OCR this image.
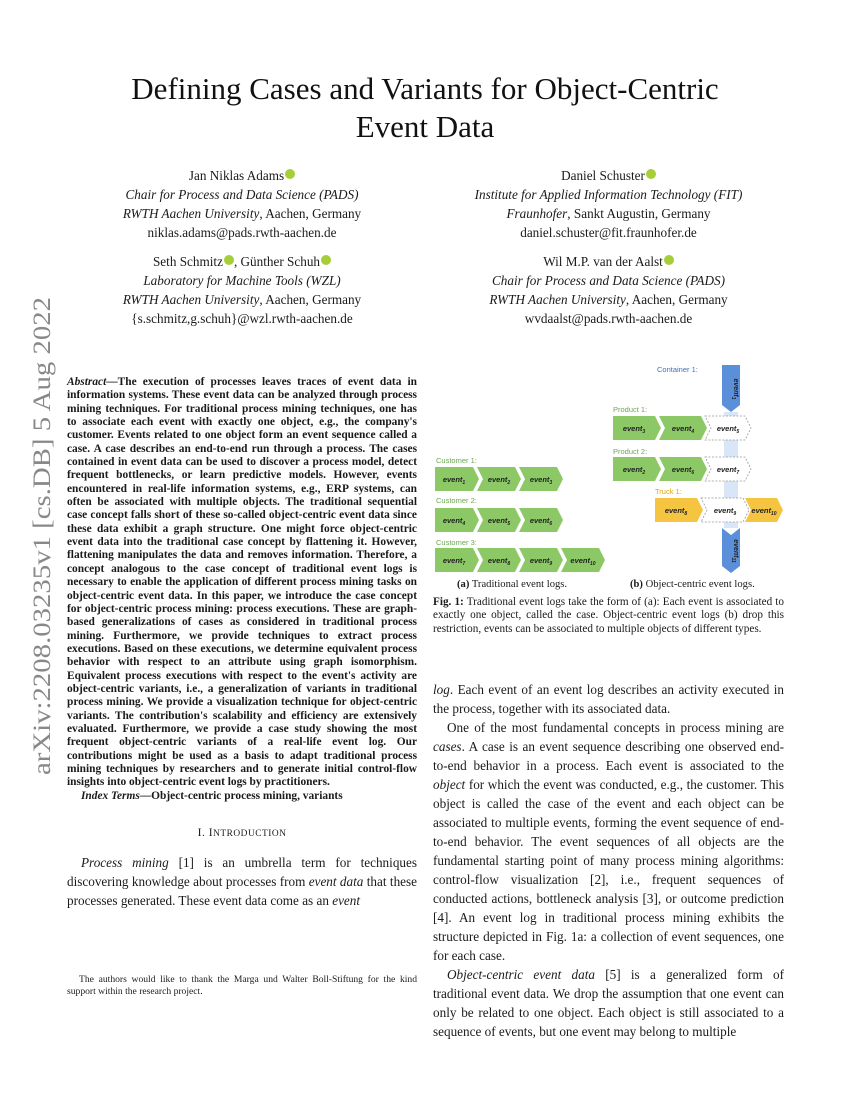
arXiv:2208.03235v1 [cs.DB] 5 Aug 2022
Defining Cases and Variants for Object-Centric
Event Data
Jan Niklas Adams
Chair for Process and Data Science (PADS)
RWTH Aachen University, Aachen, Germany
niklas.adams@pads.rwth-aachen.de
Daniel Schuster
Institute for Applied Information Technology (FIT)
Fraunhofer, Sankt Augustin, Germany
daniel.schuster@fit.fraunhofer.de
Seth Schmitz , Günther Schuh
Laboratory for Machine Tools (WZL)
RWTH Aachen University, Aachen, Germany
{s.schmitz,g.schuh}@wzl.rwth-aachen.de
Wil M.P. van der Aalst
Chair for Process and Data Science (PADS)
RWTH Aachen University, Aachen, Germany
wvdaalst@pads.rwth-aachen.de

Abstract—The execution of processes leaves traces of event data in information systems. These event data can be analyzed through process mining techniques. For traditional process mining techniques, one has to associate each event with exactly one object, e.g., the company's customer. Events related to one object form an event sequence called a case. A case describes an end-to-end run through a process. The cases contained in event data can be used to discover a process model, detect frequent bottlenecks, or learn predictive models. However, events encountered in real-life information systems, e.g., ERP systems, can often be associated with multiple objects. The traditional sequential case concept falls short of these so-called object-centric event data since these data exhibit a graph structure. One might force object-centric event data into the traditional case concept by flattening it. However, flattening manipulates the data and removes information. Therefore, a concept analogous to the case concept of traditional event logs is necessary to enable the application of different process mining tasks on object-centric event data. In this paper, we introduce the case concept for object-centric process mining: process executions. These are graph-based generalizations of cases as considered in traditional process mining. Furthermore, we provide techniques to extract process executions. Based on these executions, we determine equivalent process behavior with respect to an attribute using graph isomorphism. Equivalent process executions with respect to the event's activity are object-centric variants, i.e., a generalization of variants in traditional process mining. We provide a visualization technique for object-centric variants. The contribution's scalability and efficiency are extensively evaluated. Furthermore, we provide a case study showing the most frequent object-centric variants of a real-life event log. Our contributions might be used as a basis to adapt traditional process mining techniques by researchers and to generate initial control-flow insights into object-centric event logs by practitioners.

Index Terms—Object-centric process mining, variants

I. INTRODUCTION

Process mining [1] is an umbrella term for techniques discovering knowledge about processes from event data that these processes generated. These event data come as an event

The authors would like to thank the Marga und Walter Boll-Stiftung for the kind support within the research project.
Customer 1:
Customer 2:
Customer 3:
event$_1$	event$_2$	event$_3$
event$_4$	event$_5$	event$_6$
event$_7$	event$_8$	event$_9$ event$_{10}$
Container 1:
Product 1:
Product 2:
Truck 1:
event$_1$
event$_{11}$
event$_3$	event$_4$	event$_5$
event$_2$	event$_6$	event$_7$
event$_8$	event$_9$ event$_{10}$
(a) Traditional event logs.	(b) Object-centric event logs.
Fig. 1: Traditional event logs take the form of (a): Each event is associated to exactly one object, called the case. Object-centric event logs (b) drop this restriction, events can be associated to multiple objects of different types.

log. Each event of an event log describes an activity executed in the process, together with its associated data.

One of the most fundamental concepts in process mining are cases. A case is an event sequence describing one observed end-to-end behavior in a process. Each event is associated to the object for which the event was conducted, e.g., the customer. This object is called the case of the event and each object can be associated to multiple events, forming the event sequence of end-to-end behavior. The event sequences of all objects are the fundamental starting point of many process mining algorithms: control-flow visualization [2], i.e., frequent sequences of conducted actions, bottleneck analysis [3], or outcome prediction [4]. An event log in traditional process mining exhibits the structure depicted in Fig. 1a: a collection of event sequences, one for each case.

Object-centric event data [5] is a generalized form of traditional event data. We drop the assumption that one event can only be related to one object. Each object is still associated to a sequence of events, but one event may belong to multiple
